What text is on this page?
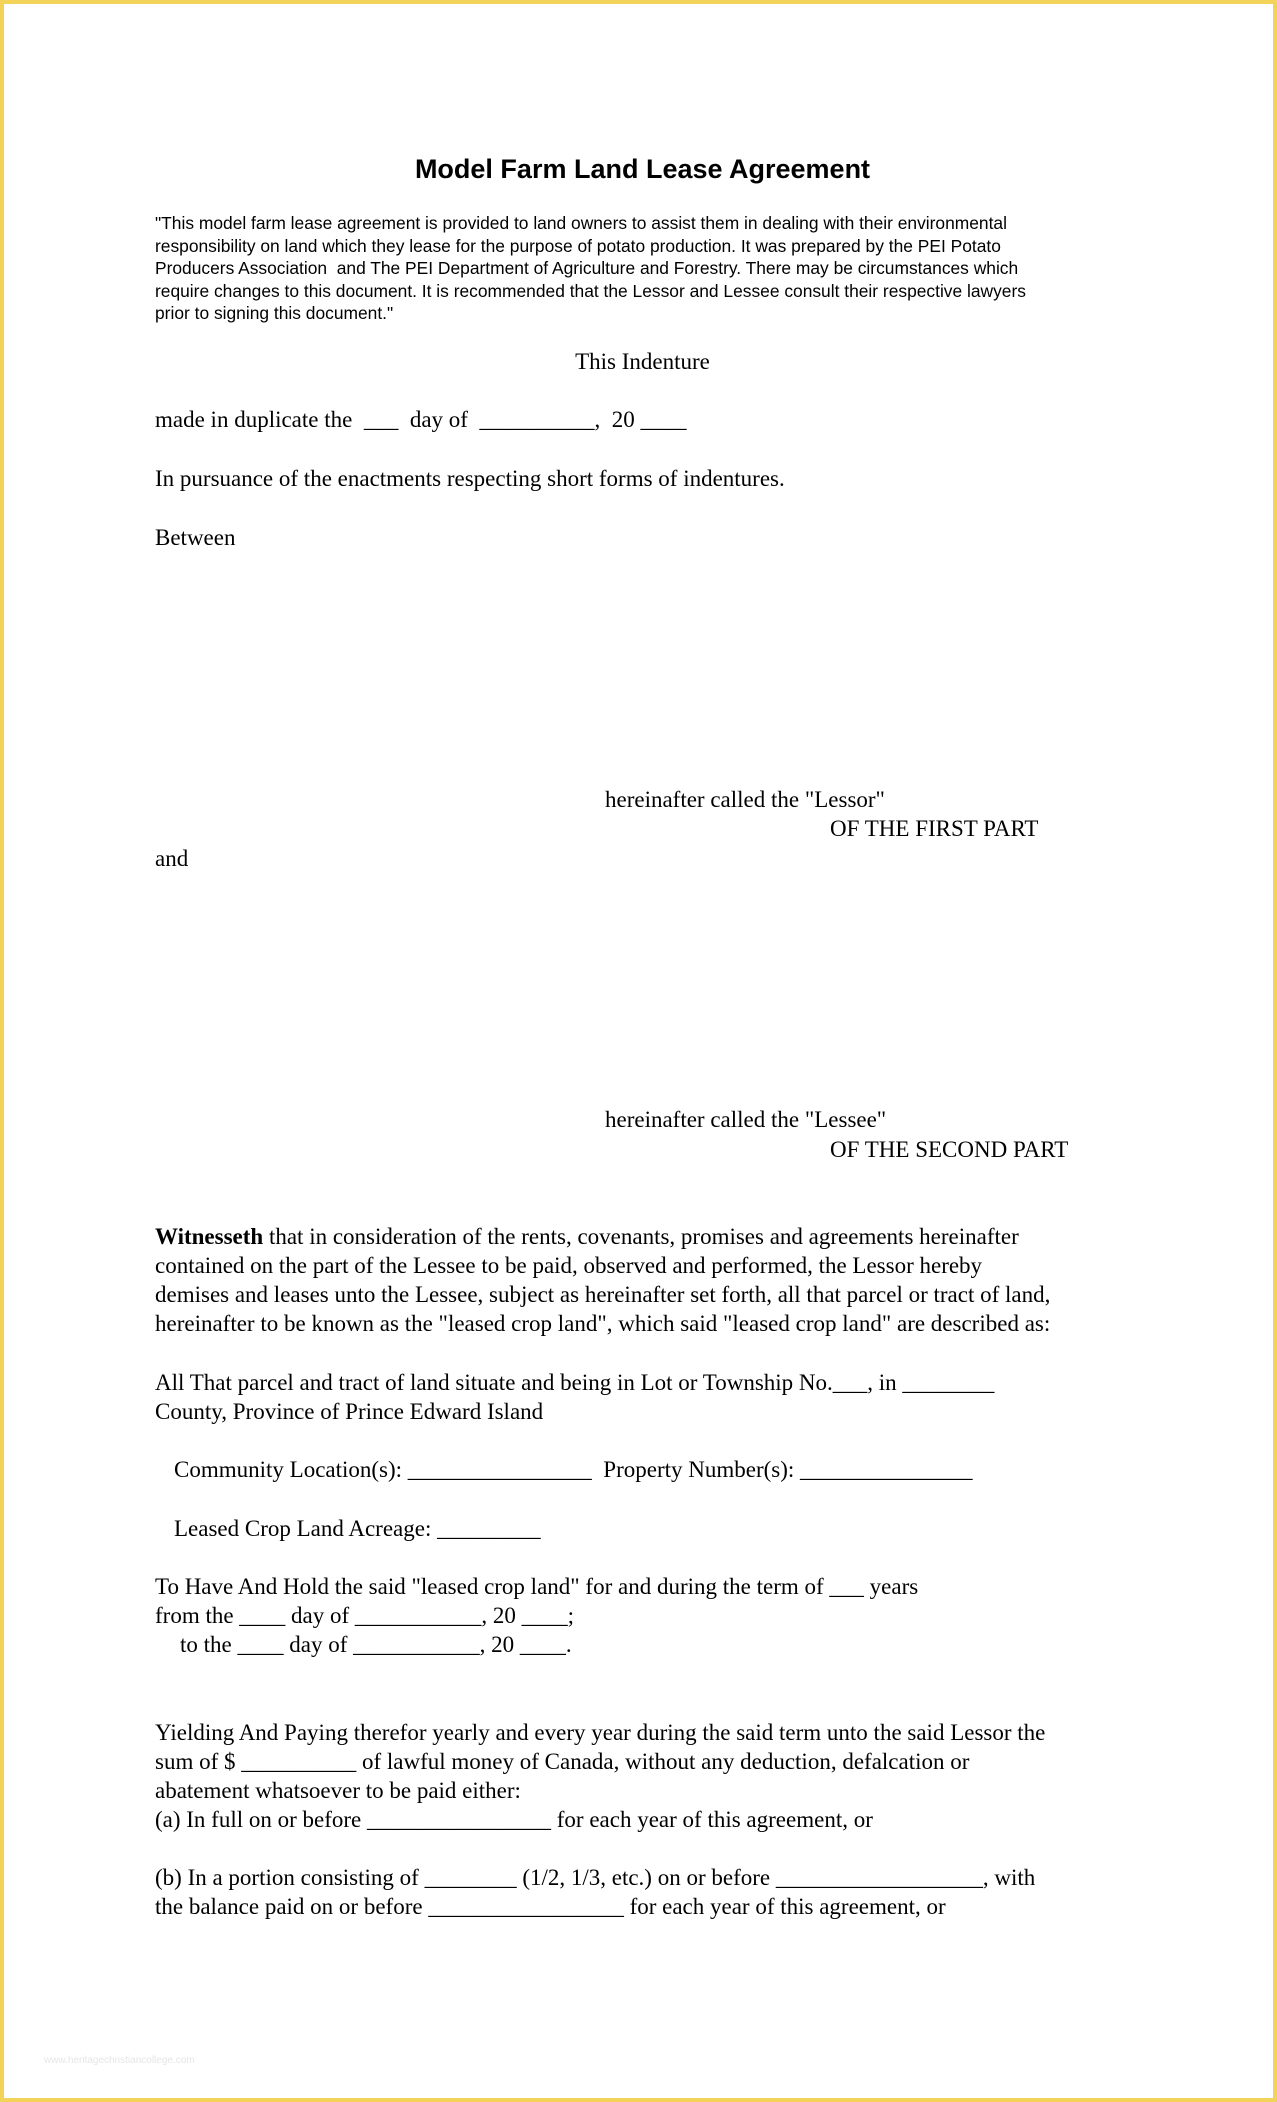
Model Farm Land Lease Agreement
"This model farm lease agreement is provided to land owners to assist them in dealing with their environmental
responsibility on land which they lease for the purpose of potato production. It was prepared by the PEI Potato
Producers Association  and The PEI Department of Agriculture and Forestry. There may be circumstances which
require changes to this document. It is recommended that the Lessor and Lessee consult their respective lawyers
prior to signing this document."
This Indenture
made in duplicate the  ___  day of  __________,  20 ____
In pursuance of the enactments respecting short forms of indentures.
Between
hereinafter called the "Lessor"
OF THE FIRST PART
and
hereinafter called the "Lessee"
OF THE SECOND PART
Witnesseth that in consideration of the rents, covenants, promises and agreements hereinafter
contained on the part of the Lessee to be paid, observed and performed, the Lessor hereby
demises and leases unto the Lessee, subject as hereinafter set forth, all that parcel or tract of land,
hereinafter to be known as the "leased crop land", which said "leased crop land" are described as:
All That parcel and tract of land situate and being in Lot or Township No.___, in ________
County, Province of Prince Edward Island
Community Location(s): ________________  Property Number(s): _______________
Leased Crop Land Acreage: _________
To Have And Hold the said "leased crop land" for and during the term of ___ years
from the ____ day of ___________, 20 ____;
to the ____ day of ___________, 20 ____.
Yielding And Paying therefor yearly and every year during the said term unto the said Lessor the
sum of $ __________ of lawful money of Canada, without any deduction, defalcation or
abatement whatsoever to be paid either:
(a) In full on or before ________________ for each year of this agreement, or
(b) In a portion consisting of ________ (1/2, 1/3, etc.) on or before __________________, with
the balance paid on or before _________________ for each year of this agreement, or
www.heritagechristiancollege.com
